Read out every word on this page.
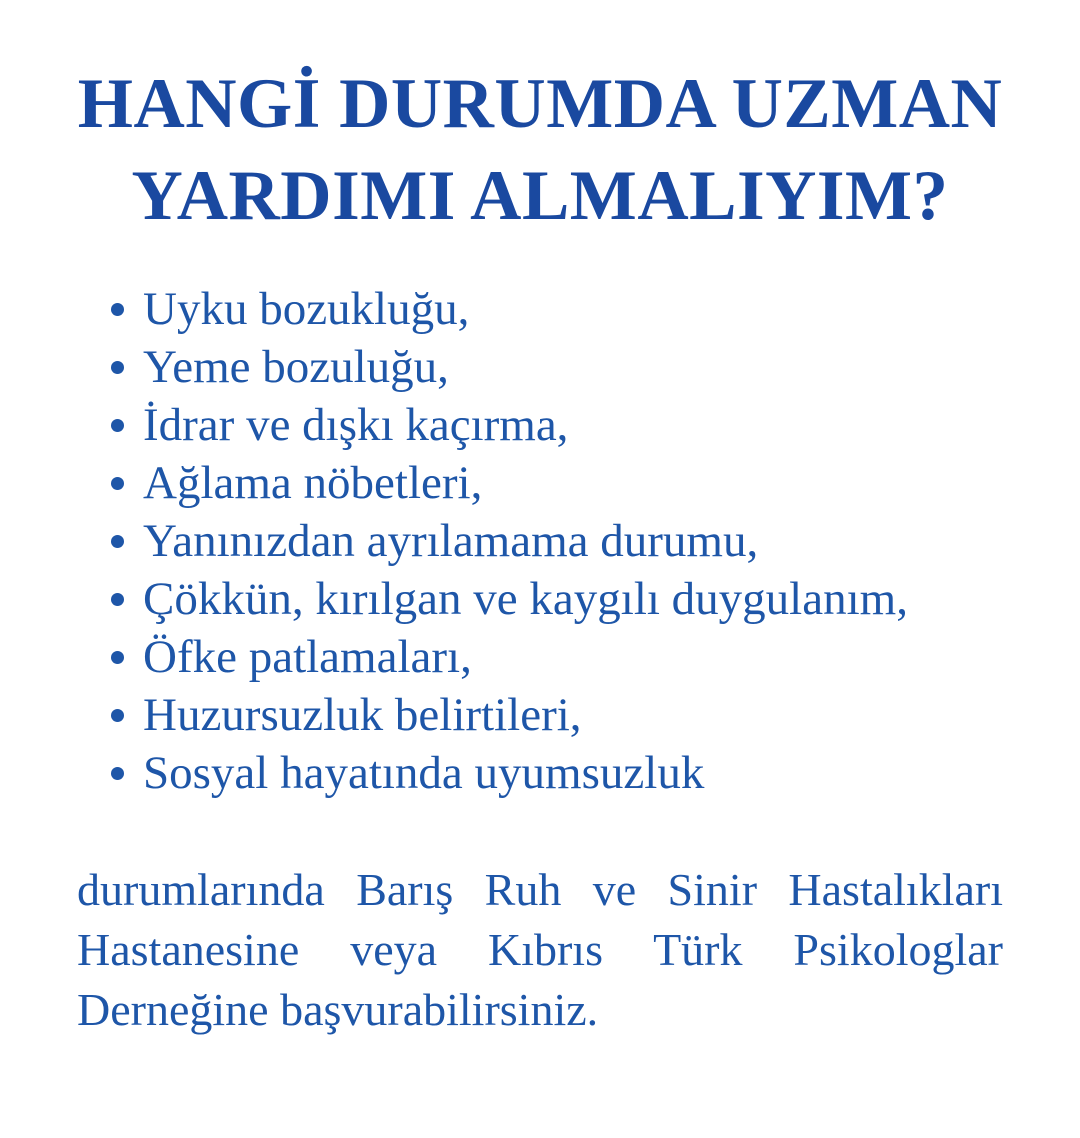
HANGİ DURUMDA UZMAN
YARDIMI ALMALIYIM?
Uyku bozukluğu,
Yeme bozuluğu,
İdrar ve dışkı kaçırma,
Ağlama nöbetleri,
Yanınızdan ayrılamama durumu,
Çökkün, kırılgan ve kaygılı duygulanım,
Öfke patlamaları,
Huzursuzluk belirtileri,
Sosyal hayatında uyumsuzluk

durumlarında Barış Ruh ve Sinir Hastalıkları
Hastanesine veya Kıbrıs Türk Psikologlar
Derneğine başvurabilirsiniz.
